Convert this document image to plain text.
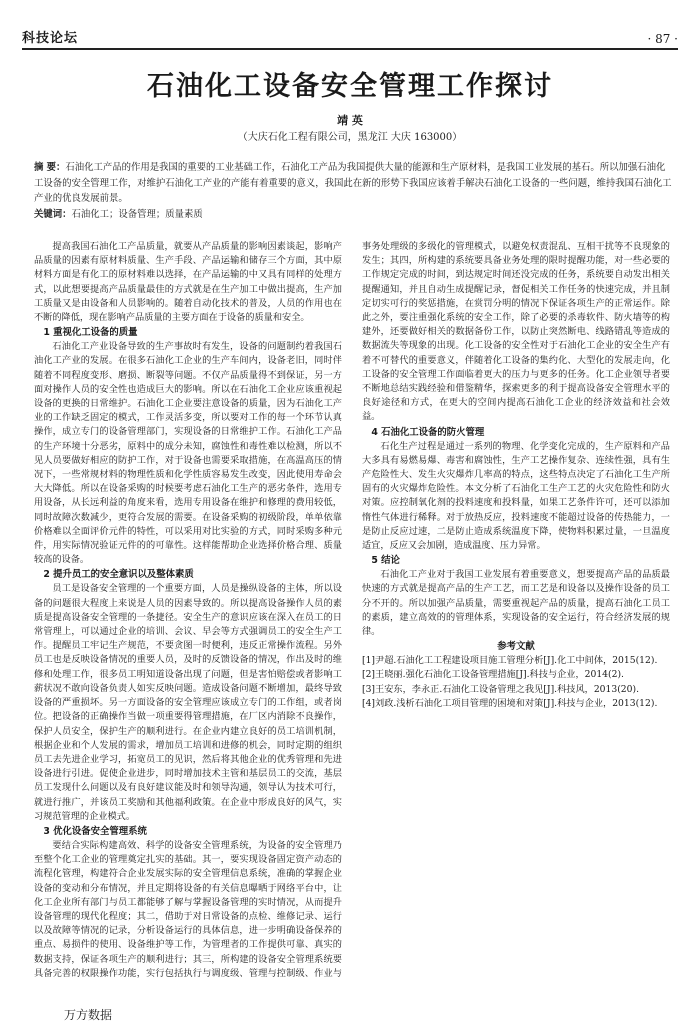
科技论坛	· 87 ·
石油化工设备安全管理工作探讨
靖 英
（大庆石化工程有限公司，黑龙江 大庆 163000）

摘 要：石油化工产品的作用是我国的重要的工业基础工作，石油化工产品为我国提供大量的能源和生产原材料，是我国工业发展的基石。所以加强石油化工设备的安全管理工作，对维护石油化工产业的产能有着重要的意义，我国此在新的形势下我国应该着手解决石油化工设备的一些问题，维持我国石油化工产业的优良发展前景。

关键词：石油化工；设备管理；质量素质

提高我国石油化工产品质量，就要从产品质量的影响因素谈起，影响产品质量的因素有原材料质量、生产手段、产品运输和储存三个方面，其中原材料方面是有化工的原材料难以选择，在产品运输的中又具有同样的处理方式，以此想要提高产品质量最佳的方式就是在生产加工中做出提高，生产加工质量又是由设备和人员影响的。随着自动化技术的普及，人员的作用也在不断的降低，现在影响产品质量的主要方面在于设备的质量和安全。

1 重视化工设备的质量

石油化工产业设备导致的生产事故时有发生，设备的问题制约着我国石油化工产业的发展。在很多石油化工企业的生产车间内，设备老旧，同时伴随着不同程度变形、磨损、断裂等问题。不仅产品质量得不到保证，另一方面对操作人员的安全性也造成巨大的影响。所以在石油化工企业应该重视起设备的更换的日常维护。石油化工企业要注意设备的质量，因为石油化工产业的工作缺乏固定的模式，工作灵活多变，所以要对工作的每一个环节认真操作，成立专门的设备管理部门，实现设备的日常维护工作。石油化工产品的生产环境十分恶劣，原料中的成分未知，腐蚀性和毒性难以检测，所以不见人员要做好相应的防护工作，对于设备也需要采取措施，在高温高压的情况下，一些常规材料的物理性质和化学性质容易发生改变，因此使用寿命会大大降低。所以在设备采购的时候要考虑石油化工生产的恶劣条件，选用专用设备，从长远利益的角度来看，选用专用设备在维护和修理的费用较低，同时故障次数减少，更符合发展的需要。在设备采购的初级阶段，单单依靠价格难以全面评价元件的特性，可以采用对比实验的方式，同时采购多种元件，用实际情况验证元件的的可靠性。这样能帮助企业选择价格合理、质量较高的设备。

2 提升员工的安全意识以及整体素质

员工是设备安全管理的一个重要方面，人员是操纵设备的主体，所以设备的问题很大程度上来说是人员的因素导致的。所以提高设备操作人员的素质是提高设备安全管理的一条捷径。安全生产的意识应该在深入在员工的日常管理上，可以通过企业的培训、会议、早会等方式强调员工的安全生产工作。提醒员工牢记生产规范，不要贪图一时便利，违反正常操作流程。另外员工也是反映设备情况的重要人员，及时的反馈设备的情况，作出及时的维修和处理工作，很多员工明知道设备出现了问题，但是害怕赔偿或者影响工薪状况不敢向设备负责人如实反映问题。造成设备问题不断增加，最终导致设备的严重损坏。另一方面设备的安全管理应该成立专门的工作组，或者岗位。把设备的正确操作当做一项重要得管理措施，在厂区内消除不良操作，保护人员安全，保护生产的顺利进行。在企业内建立良好的员工培训机制，根据企业和个人发展的需求，增加员工培训和进修的机会，同时定期的组织员工去先进企业学习，拓宽员工的见识，然后将其他企业的优秀管理和先进设备进行引进。促使企业进步，同时增加技术主管和基层员工的交流，基层员工发现什么问题以及有良好建议能及时和领导沟通，领导认为技术可行，就进行推广，并该员工奖励和其他福利政策。在企业中形成良好的风气，实习规范管理的企业模式。

3 优化设备安全管理系统

要结合实际构建高效、科学的设备安全管理系统，为设备的安全管理乃至整个化工企业的管理奠定扎实的基础。其一，要实现设备固定资产动态的流程化管理，构建符合企业发展实际的安全管理信息系统，准确的掌握企业设备的变动和分布情况，并且定期将设备的有关信息曝晒于网络平台中，让化工企业所有部门与员工都能够了解与掌握设备管理的实时情况，从而提升设备管理的现代化程度；其二，借助于对日常设备的点检、维修记录、运行以及故障等情况的记录，分析设备运行的具体信息，进一步明确设备保养的重点、易损件的使用、设备维护等工作，为管理者的工作提供可靠、真实的数据支持，保证各项生产的顺利进行；其三，所构建的设备安全管理系统要具备完善的权限操作功能，实行包括执行与调度级、管理与控制级、作业与事务处理级的多级化的管理模式，以避免权责混乱、互相干扰等不良现象的发生；其四，所构建的系统要具备业务处理的限时提醒功能，对一些必要的工作规定完成的时间，到达规定时间还没完成的任务，系统要自动发出相关提醒通知，并且自动生成提醒记录，督促相关工作任务的快速完成，并且制定切实可行的奖惩措施，在赏罚分明的情况下保证各项生产的正常运作。除此之外，要注重强化系统的安全工作，除了必要的杀毒软件、防火墙等的构建外，还要做好相关的数据备份工作，以防止突然断电、线路错乱等造成的数据流失等现象的出现。化工设备的安全性对于石油化工企业的安全生产有着不可替代的重要意义，伴随着化工设备的集约化、大型化的发展走向，化工设备的安全管理工作面临着更大的压力与更多的任务。化工企业领导者要不断地总结实践经验和借鉴精华，探索更多的利于提高设备安全管理水平的良好途径和方式，在更大的空间内提高石油化工企业的经济效益和社会效益。

4 石油化工设备的防火管理

石化生产过程是通过一系列的物理、化学变化完成的，生产原料和产品大多具有易燃易爆、毒害和腐蚀性，生产工艺操作复杂、连续性强，具有生产危险性大、发生火灾爆炸几率高的特点，这些特点决定了石油化工生产所固有的火灾爆炸危险性。本文分析了石油化工生产工艺的火灾危险性和防火对策。应控制氧化剂的投料速度和投料量，如果工艺条件许可，还可以添加惰性气体进行稀释。对于放热反应，投料速度不能超过设备的传热能力，一是防止反应过速，二是防止造成系统温度下降，使物料积累过量，一旦温度适宜，反应又会加剧，造成温度、压力异常。

5 结论

石油化工产业对于我国工业发展有着重要意义，想要提高产品的品质最快速的方式就是提高产品的生产工艺，而工艺是和设备以及操作设备的员工分不开的。所以加强产品质量，需要重视起产品的质量，提高石油化工员工的素质，建立高效的的管理体系，实现设备的安全运行，符合经济发展的规律。

参考文献

[1]尹超.石油化工工程建设项目施工管理分析[J].化工中间体，2015(12).

[2]王晓丽.强化石油化工设备管理措施[J].科技与企业，2014(2).

[3]王安东，李永正.石油化工设备管理之我见[J].科技风，2013(20).

[4]刘政.浅析石油化工项目管理的困境和对策[J].科技与企业，2013(12).

万方数据
